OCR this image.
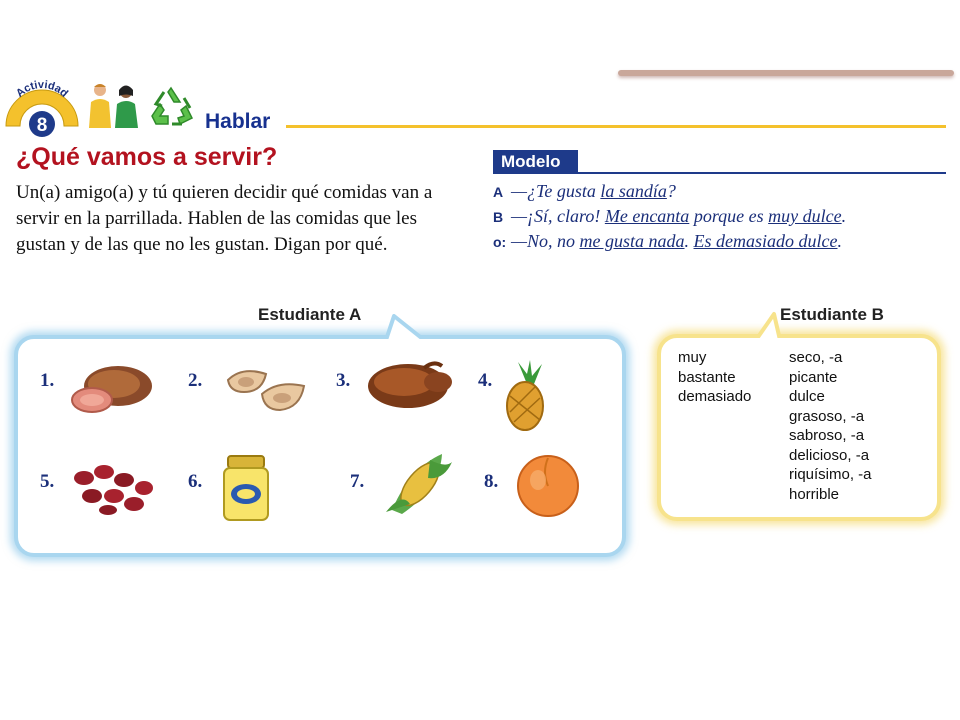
Actividad
8	Hablar
¿Qué vamos a servir?
Un(a) amigo(a) y tú quieren decidir qué comidas van a servir en la parrillada. Hablen de las comidas que les gustan y de las que no les gustan. Digan por qué.
Modelo
A —¿Te gusta la sandía?
B —¡Sí, claro! Me encanta porque es muy dulce.
o: —No, no me gusta nada. Es demasiado dulce.
Estudiante A
1.	2.	3.	4.
5.	6.	7.	8.
Estudiante B
muy
bastante
demasiado
seco, -a
picante
dulce
grasoso, -a
sabroso, -a
delicioso, -a
riquísimo, -a
horrible
